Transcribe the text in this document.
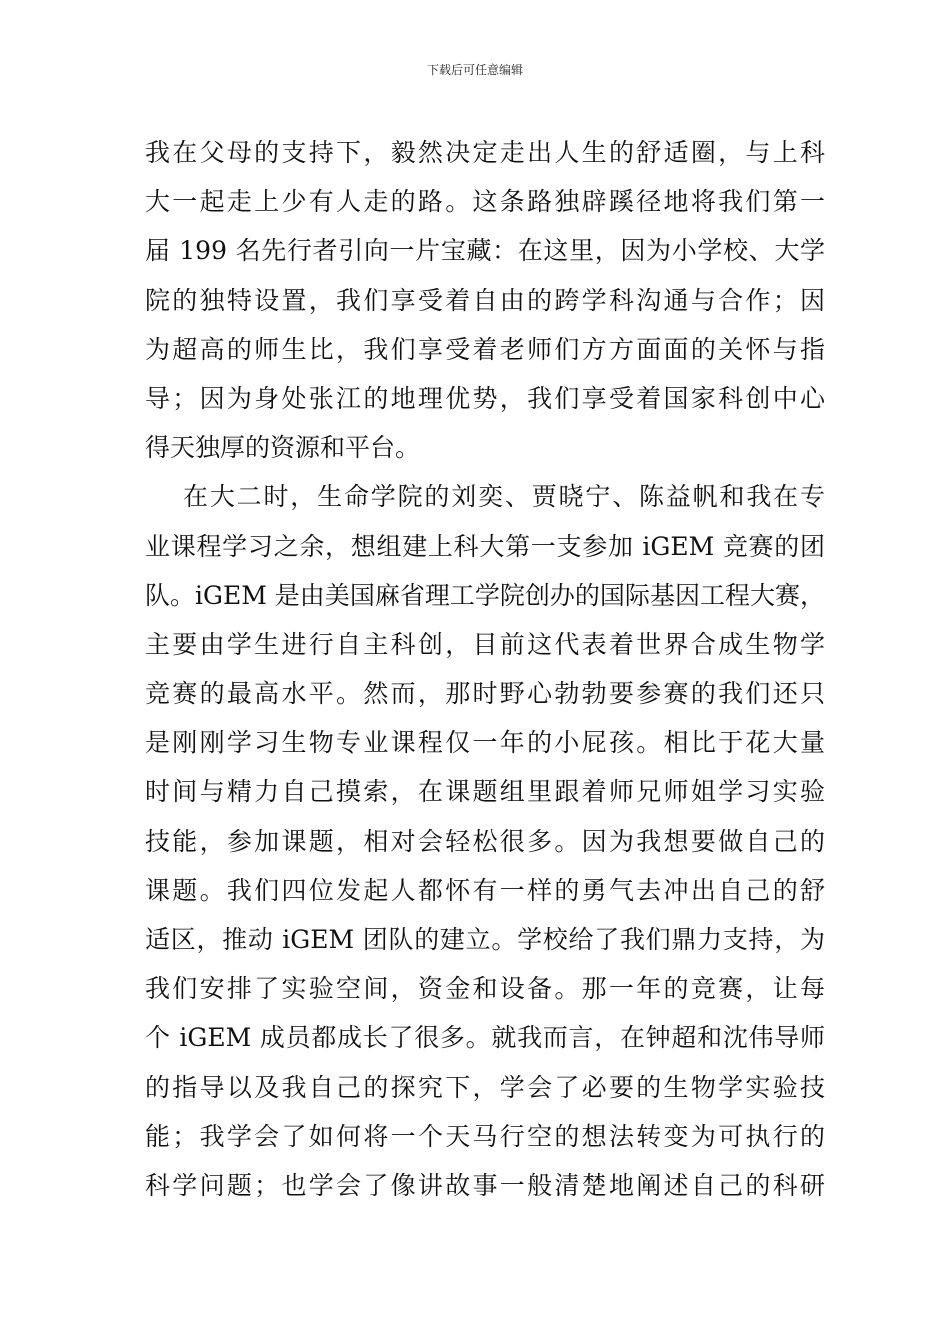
下载后可任意编辑
我在父母的支持下，毅然决定走出人生的舒适圈，与上科
大一起走上少有人走的路。这条路独辟蹊径地将我们第一
届 199 名先行者引向一片宝藏：在这里，因为小学校、大学
院的独特设置，我们享受着自由的跨学科沟通与合作；因
为超高的师生比，我们享受着老师们方方面面的关怀与指
导；因为身处张江的地理优势，我们享受着国家科创中心
得天独厚的资源和平台。
在大二时，生命学院的刘奕、贾晓宁、陈益帆和我在专
业课程学习之余，想组建上科大第一支参加 iGEM 竞赛的团
队。iGEM 是由美国麻省理工学院创办的国际基因工程大赛，
主要由学生进行自主科创，目前这代表着世界合成生物学
竞赛的最高水平。然而，那时野心勃勃要参赛的我们还只
是刚刚学习生物专业课程仅一年的小屁孩。相比于花大量
时间与精力自己摸索，在课题组里跟着师兄师姐学习实验
技能，参加课题，相对会轻松很多。因为我想要做自己的
课题。我们四位发起人都怀有一样的勇气去冲出自己的舒
适区，推动 iGEM 团队的建立。学校给了我们鼎力支持，为
我们安排了实验空间，资金和设备。那一年的竞赛，让每
个 iGEM 成员都成长了很多。就我而言，在钟超和沈伟导师
的指导以及我自己的探究下，学会了必要的生物学实验技
能；我学会了如何将一个天马行空的想法转变为可执行的
科学问题；也学会了像讲故事一般清楚地阐述自己的科研
